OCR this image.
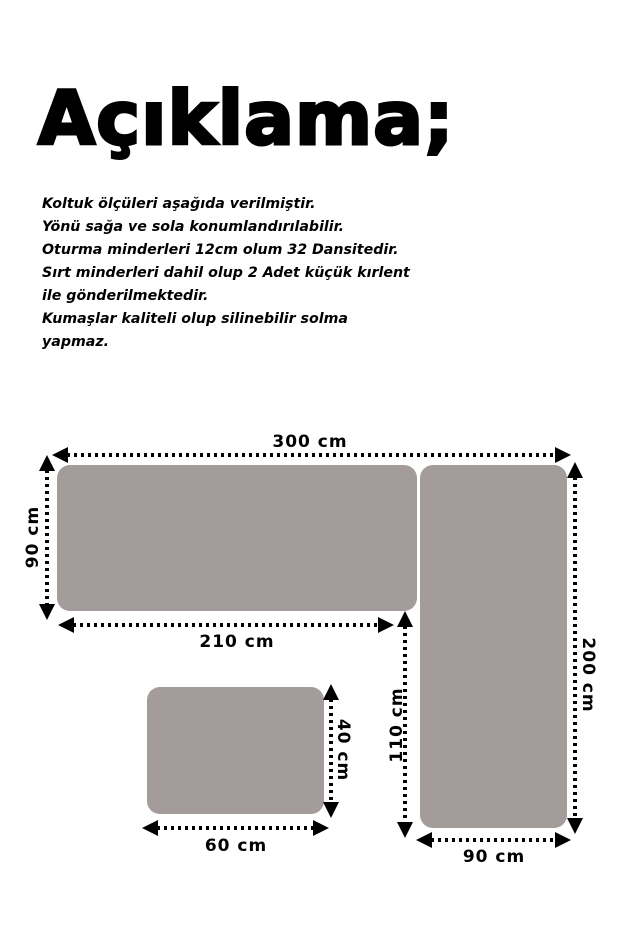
Açıklama;
Koltuk ölçüleri aşağıda verilmiştir.
Yönü sağa ve sola konumlandırılabilir.
Oturma minderleri 12cm olum 32 Dansitedir.
Sırt minderleri dahil olup 2 Adet küçük kırlent
ile gönderilmektedir.
Kumaşlar kaliteli olup silinebilir solma
yapmaz.
300 cm
90 cm
210 cm
110 cm
200 cm
90 cm
40 cm
60 cm
